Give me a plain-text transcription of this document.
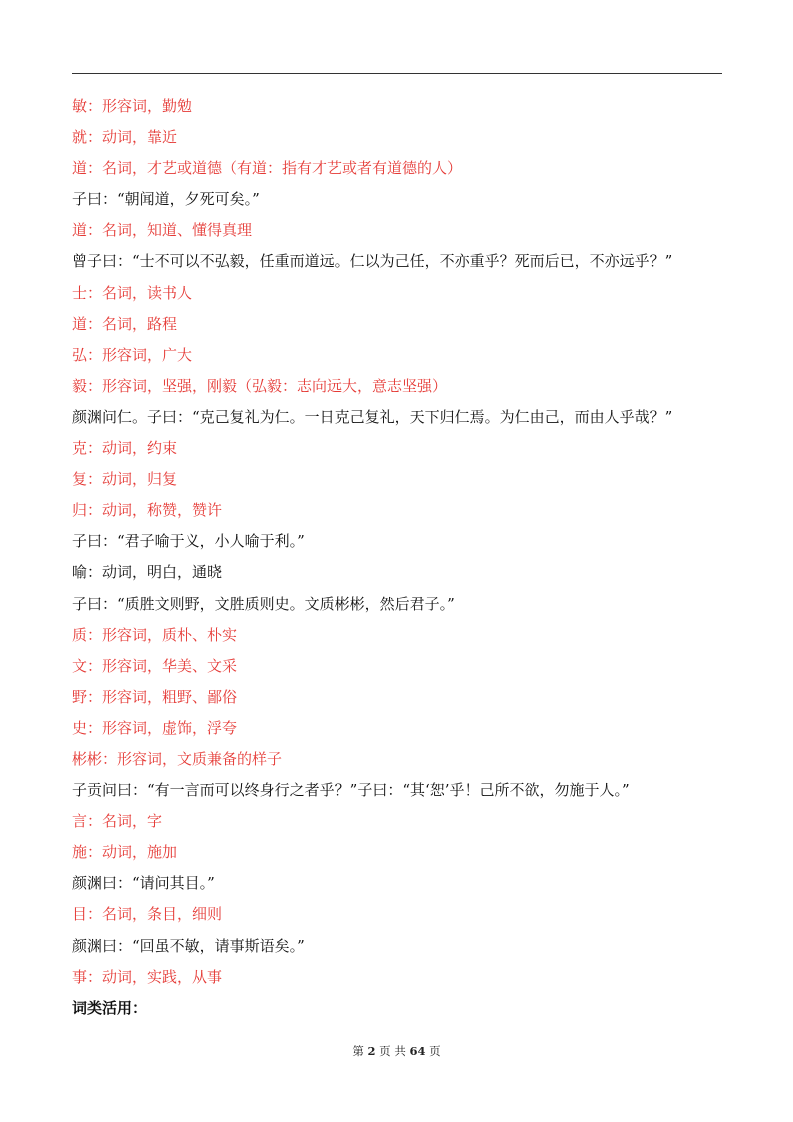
敏：形容词，勤勉
就：动词，靠近
道：名词，才艺或道德（有道：指有才艺或者有道德的人）
子曰：“朝闻道，夕死可矣。”
道：名词，知道、懂得真理
曾子曰：“士不可以不弘毅，任重而道远。仁以为己任，不亦重乎？死而后已，不亦远乎？”
士：名词，读书人
道：名词，路程
弘：形容词，广大
毅：形容词，坚强，刚毅（弘毅：志向远大，意志坚强）
颜渊问仁。子曰：“克己复礼为仁。一日克己复礼，天下归仁焉。为仁由己，而由人乎哉？”
克：动词，约束
复：动词，归复
归：动词，称赞，赞许
子曰：“君子喻于义，小人喻于利。”
喻：动词，明白，通晓
子曰：“质胜文则野，文胜质则史。文质彬彬，然后君子。”
质：形容词，质朴、朴实
文：形容词，华美、文采
野：形容词，粗野、鄙俗
史：形容词，虚饰，浮夸
彬彬：形容词，文质兼备的样子
子贡问曰：“有一言而可以终身行之者乎？”子曰：“其‘恕’乎！己所不欲，勿施于人。”
言：名词，字
施：动词，施加
颜渊曰：“请问其目。”
目：名词，条目，细则
颜渊曰：“回虽不敏，请事斯语矣。”
事：动词，实践，从事
词类活用：
第 2 页 共 64 页
